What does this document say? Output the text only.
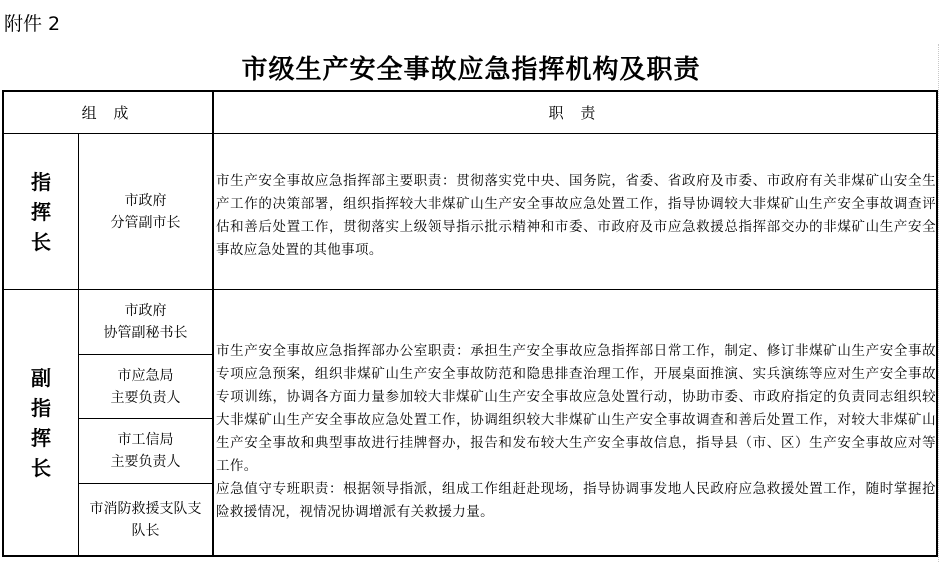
附件 2
市级生产安全事故应急指挥机构及职责
组 成	职 责
指挥长
市政府
分管副市长

市生产安全事故应急指挥部主要职责：贯彻落实党中央、国务院，省委、省政府及市委、市政府有关非煤矿山安全生产工作的决策部署，组织指挥较大非煤矿山生产安全事故应急处置工作，指导协调较大非煤矿山生产安全事故调查评估和善后处置工作，贯彻落实上级领导指示批示精神和市委、市政府及市应急救援总指挥部交办的非煤矿山生产安全事故应急处置的其他事项。

副指挥长
市政府
协管副秘书长
市应急局
主要负责人
市工信局
主要负责人
市消防救援支队支队长

市生产安全事故应急指挥部办公室职责：承担生产安全事故应急指挥部日常工作，制定、修订非煤矿山生产安全事故专项应急预案，组织非煤矿山生产安全事故防范和隐患排查治理工作，开展桌面推演、实兵演练等应对生产安全事故专项训练，协调各方面力量参加较大非煤矿山生产安全事故应急处置行动，协助市委、市政府指定的负责同志组织较大非煤矿山生产安全事故应急处置工作，协调组织较大非煤矿山生产安全事故调查和善后处置工作，对较大非煤矿山生产安全事故和典型事故进行挂牌督办，报告和发布较大生产安全事故信息，指导县（市、区）生产安全事故应对等工作。

应急值守专班职责：根据领导指派，组成工作组赶赴现场，指导协调事发地人民政府应急救援处置工作，随时掌握抢险救援情况，视情况协调增派有关救援力量。
